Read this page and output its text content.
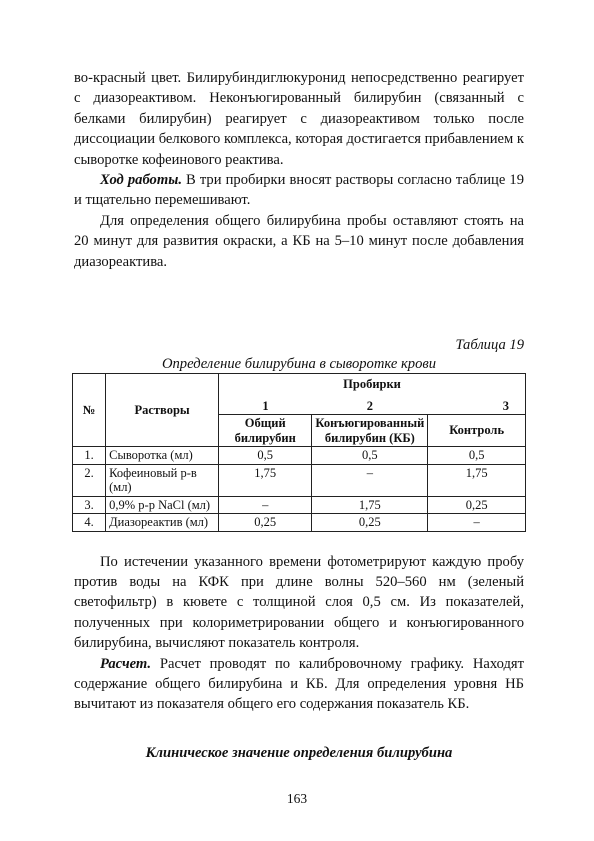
во-красный цвет. Билирубиндиглюкуронид непосредственно реагирует с диазореактивом. Неконъюгированный билирубин (связанный с белками билирубин) реагирует с диазореактивом только после диссоциации белкового комплекса, которая достигается прибавлением к сыворотке кофеинового реактива.

Ход работы. В три пробирки вносят растворы согласно таблице 19 и тщательно перемешивают.

Для определения общего билирубина пробы оставляют стоять на 20 минут для развития окраски, а КБ на 5–10 минут после добавления диазореактива.

Таблица 19
Определение билирубина в сыворотке крови
№	Растворы	Пробирки		
		1	2	3
		Общий билирубин	Конъюгированный билирубин (КБ)	Контроль
1.	Сыворотка (мл)	0,5	0,5	0,5
2.	Кофеиновый р-в (мл)	1,75	–	1,75
3.	0,9% р-р NaCl (мл)	–	1,75	0,25
4.	Диазореактив (мл)	0,25	0,25	–

По истечении указанного времени фотометрируют каждую пробу против воды на КФК при длине волны 520–560 нм (зеленый светофильтр) в кювете с толщиной слоя 0,5 см. Из показателей, полученных при колориметрировании общего и конъюгированного билирубина, вычисляют показатель контроля.

Расчет. Расчет проводят по калибровочному графику. Находят содержание общего билирубина и КБ. Для определения уровня НБ вычитают из показателя общего его содержания показатель КБ.

Клиническое значение определения билирубина
163
